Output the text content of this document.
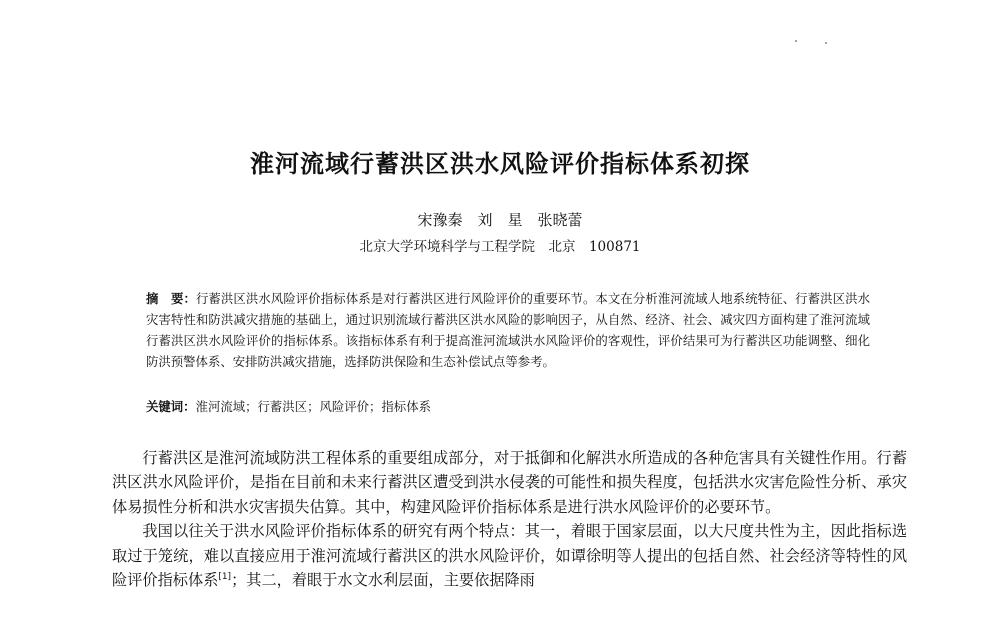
淮河流域行蓄洪区洪水风险评价指标体系初探
宋豫秦　刘　星　张晓蕾
北京大学环境科学与工程学院　北京　100871
摘　要：行蓄洪区洪水风险评价指标体系是对行蓄洪区进行风险评价的重要环节。本文在分析淮河流域人地系统特征、行蓄洪区洪水灾害特性和防洪减灾措施的基础上，通过识别流域行蓄洪区洪水风险的影响因子，从自然、经济、社会、减灾四方面构建了淮河流域行蓄洪区洪水风险评价的指标体系。该指标体系有利于提高淮河流域洪水风险评价的客观性，评价结果可为行蓄洪区功能调整、细化防洪预警体系、安排防洪减灾措施，选择防洪保险和生态补偿试点等参考。
关键词：淮河流域；行蓄洪区；风险评价；指标体系

行蓄洪区是淮河流域防洪工程体系的重要组成部分，对于抵御和化解洪水所造成的各种危害具有关键性作用。行蓄洪区洪水风险评价，是指在目前和未来行蓄洪区遭受到洪水侵袭的可能性和损失程度，包括洪水灾害危险性分析、承灾体易损性分析和洪水灾害损失估算。其中，构建风险评价指标体系是进行洪水风险评价的必要环节。

我国以往关于洪水风险评价指标体系的研究有两个特点：其一，着眼于国家层面，以大尺度共性为主，因此指标选取过于笼统，难以直接应用于淮河流域行蓄洪区的洪水风险评价，如谭徐明等人提出的包括自然、社会经济等特性的风险评价指标体系[1]；其二，着眼于水文水利层面，主要依据降雨
